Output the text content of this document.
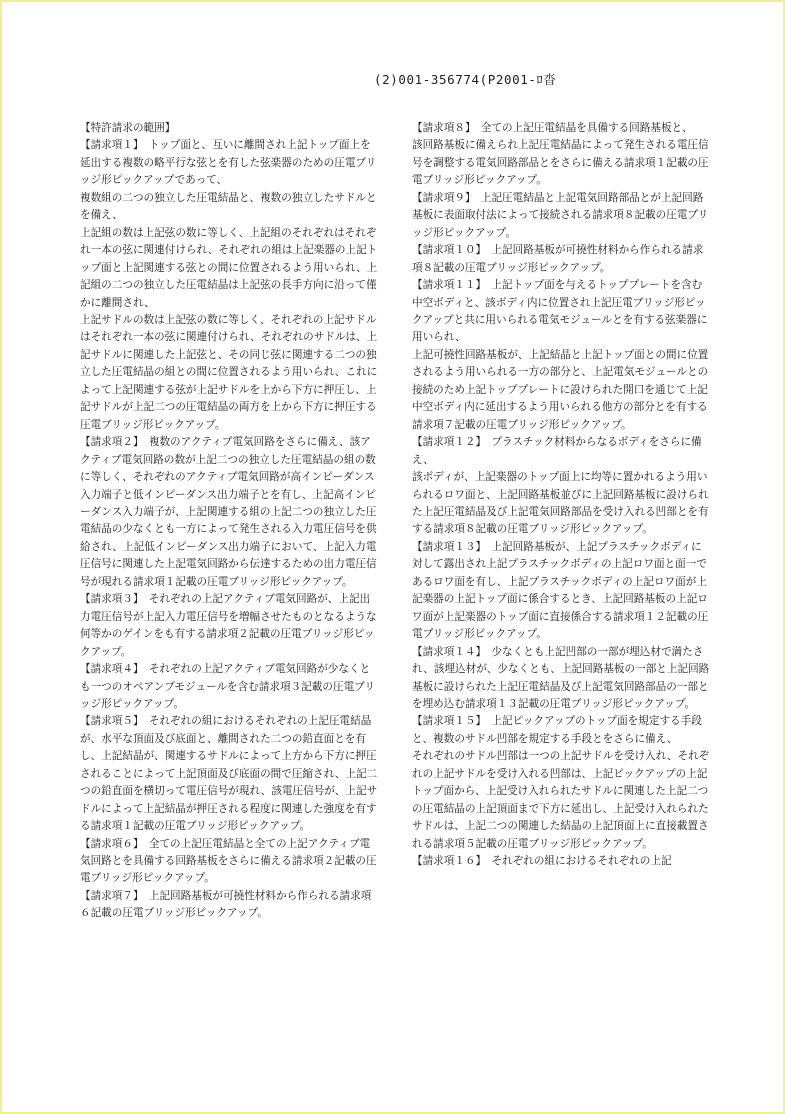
(2)001-356774(P2001-ﾛ沓

【特許請求の範囲】

【請求項１】　トップ面と、互いに離間され上記トップ面上を延出する複数の略平行な弦とを有した弦楽器のための圧電ブリッジ形ピックアップであって、

複数組の二つの独立した圧電結晶と、複数の独立したサドルとを備え、

上記組の数は上記弦の数に等しく、上記組のそれぞれはそれぞれ一本の弦に関連付けられ、それぞれの組は上記楽器の上記トップ面と上記関連する弦との間に位置されるよう用いられ、上記組の二つの独立した圧電結晶は上記弦の長手方向に沿って僅かに離間され、

上記サドルの数は上記弦の数に等しく、それぞれの上記サドルはそれぞれ一本の弦に関連付けられ、それぞれのサドルは、上記サドルに関連した上記弦と、その同じ弦に関連する二つの独立した圧電結晶の組との間に位置されるよう用いられ、これによって上記関連する弦が上記サドルを上から下方に押圧し、上記サドルが上記二つの圧電結晶の両方を上から下方に押圧する圧電ブリッジ形ピックアップ。

【請求項２】　複数のアクティブ電気回路をさらに備え、該アクティブ電気回路の数が上記二つの独立した圧電結晶の組の数に等しく、それぞれのアクティブ電気回路が高インピーダンス入力端子と低インピーダンス出力端子とを有し、上記高インピーダンス入力端子が、上記関連する組の上記二つの独立した圧電結晶の少なくとも一方によって発生される入力電圧信号を供給され、上記低インピーダンス出力端子において、上記入力電圧信号に関連した上記電気回路から伝達するための出力電圧信号が現れる請求項１記載の圧電ブリッジ形ピックアップ。

【請求項３】　それぞれの上記アクティブ電気回路が、上記出力電圧信号が上記入力電圧信号を増幅させたものとなるような何等かのゲインをも有する請求項２記載の圧電ブリッジ形ピックアップ。

【請求項４】　それぞれの上記アクティブ電気回路が少なくとも一つのオペアンプモジュールを含む請求項３記載の圧電ブリッジ形ピックアップ。

【請求項５】　それぞれの組におけるそれぞれの上記圧電結晶が、水平な頂面及び底面と、離間された二つの鉛直面とを有し、上記結晶が、関連するサドルによって上方から下方に押圧されることによって上記頂面及び底面の間で圧縮され、上記二つの鉛直面を横切って電圧信号が現れ、該電圧信号が、上記サドルによって上記結晶が押圧される程度に関連した強度を有する請求項１記載の圧電ブリッジ形ピックアップ。

【請求項６】　全ての上記圧電結晶と全ての上記アクティブ電気回路とを具備する回路基板をさらに備える請求項２記載の圧電ブリッジ形ピックアップ。

【請求項７】　上記回路基板が可撓性材料から作られる請求項６記載の圧電ブリッジ形ピックアップ。

【請求項８】　全ての上記圧電結晶を具備する回路基板と、

該回路基板に備えられ上記圧電結晶によって発生される電圧信号を調整する電気回路部品とをさらに備える請求項１記載の圧電ブリッジ形ピックアップ。

【請求項９】　上記圧電結晶と上記電気回路部品とが上記回路基板に表面取付法によって接続される請求項８記載の圧電ブリッジ形ピックアップ。

【請求項１０】　上記回路基板が可撓性材料から作られる請求項８記載の圧電ブリッジ形ピックアップ。

【請求項１１】　上記トップ面を与えるトッププレートを含む中空ボディと、該ボディ内に位置され上記圧電ブリッジ形ピックアップと共に用いられる電気モジュールとを有する弦楽器に用いられ、

上記可撓性回路基板が、上記結晶と上記トップ面との間に位置されるよう用いられる一方の部分と、上記電気モジュールとの接続のため上記トッププレートに設けられた開口を通じて上記中空ボディ内に延出するよう用いられる他方の部分とを有する請求項７記載の圧電ブリッジ形ピックアップ。

【請求項１２】　プラスチック材料からなるボディをさらに備え、

該ボディが、上記楽器のトップ面上に均等に置かれるよう用いられるロワ面と、上記回路基板並びに上記回路基板に設けられた上記圧電結晶及び上記電気回路部品を受け入れる凹部とを有する請求項８記載の圧電ブリッジ形ピックアップ。

【請求項１３】　上記回路基板が、上記プラスチックボディに対して露出され上記プラスチックボディの上記ロワ面と面一であるロワ面を有し、上記プラスチックボディの上記ロワ面が上記楽器の上記トップ面に係合するとき、上記回路基板の上記ロワ面が上記楽器のトップ面に直接係合する請求項１２記載の圧電ブリッジ形ピックアップ。

【請求項１４】　少なくとも上記凹部の一部が埋込材で満たされ、該埋込材が、少なくとも、上記回路基板の一部と上記回路基板に設けられた上記圧電結晶及び上記電気回路部品の一部とを埋め込む請求項１３記載の圧電ブリッジ形ピックアップ。

【請求項１５】　上記ピックアップのトップ面を規定する手段と、複数のサドル凹部を規定する手段とをさらに備え、

それぞれのサドル凹部は一つの上記サドルを受け入れ、それぞれの上記サドルを受け入れる凹部は、上記ピックアップの上記トップ面から、上記受け入れられたサドルに関連した上記二つの圧電結晶の上記頂面まで下方に延出し、上記受け入れられたサドルは、上記二つの関連した結晶の上記頂面上に直接載置される請求項５記載の圧電ブリッジ形ピックアップ。

【請求項１６】　それぞれの組におけるそれぞれの上記
